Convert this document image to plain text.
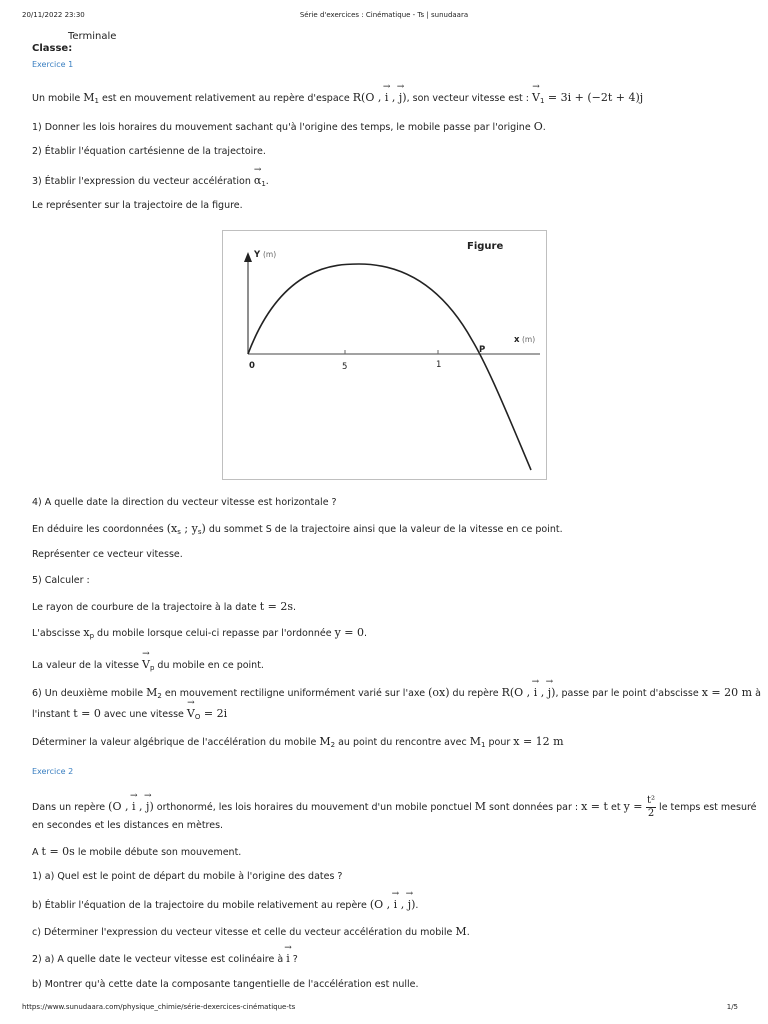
20/11/2022 23:30	Série d'exercices : Cinématique - Ts | sunudaara
Terminale
Classe:
Exercice 1
Un mobile $M_1$ est en mouvement relativement au repère d'espace R(O , → i , → j), son vecteur vitesse est : → $V_1 = 3i + (-2t + 4)j$
1) Donner les lois horaires du mouvement sachant qu'à l'origine des temps, le mobile passe par l'origine O.
2) Établir l'équation cartésienne de la trajectoire.
3) Établir l'expression du vecteur accélération → $\alpha_1$.
Le représenter sur la trajectoire de la figure.
Figure
Y (m)
x (m)
0	5	1
P
4) A quelle date la direction du vecteur vitesse est horizontale ?
En déduire les coordonnées ($x_s$ ; $y_s$) du sommet S de la trajectoire ainsi que la valeur de la vitesse en ce point.
Représenter ce vecteur vitesse.
5) Calculer :
Le rayon de courbure de la trajectoire à la date t = 2s.
L'abscisse $x_p$ du mobile lorsque celui-ci repasse par l'ordonnée y = 0.
La valeur de la vitesse → $V_p$ du mobile en ce point.
6) Un deuxième mobile $M_2$ en mouvement rectiligne uniformément varié sur l'axe (ox) du repère R(O , → i , → j), passe par le point d'abscisse x = 20 m à
l'instant t = 0 avec une vitesse → $V_O = 2i$
Déterminer la valeur algébrique de l'accélération du mobile $M_2$ au point du rencontre avec $M_1$ pour x = 12 m
Exercice 2
Dans un repère (O , → i , → j) orthonormé, les lois horaires du mouvement d'un mobile ponctuel M sont données par : x = t et $y = \frac{\text{t²}}{2}$ le temps est mesuré
en secondes et les distances en mètres.
A t = 0s le mobile débute son mouvement.
1) a) Quel est le point de départ du mobile à l'origine des dates ?
b) Établir l'équation de la trajectoire du mobile relativement au repère (O , → i , → j).
c) Déterminer l'expression du vecteur vitesse et celle du vecteur accélération du mobile M.
2) a) A quelle date le vecteur vitesse est colinéaire à → i ?
b) Montrer qu'à cette date la composante tangentielle de l'accélération est nulle.
https://www.sunudaara.com/physique_chimie/série-dexercices-cinématique-ts	1/5
